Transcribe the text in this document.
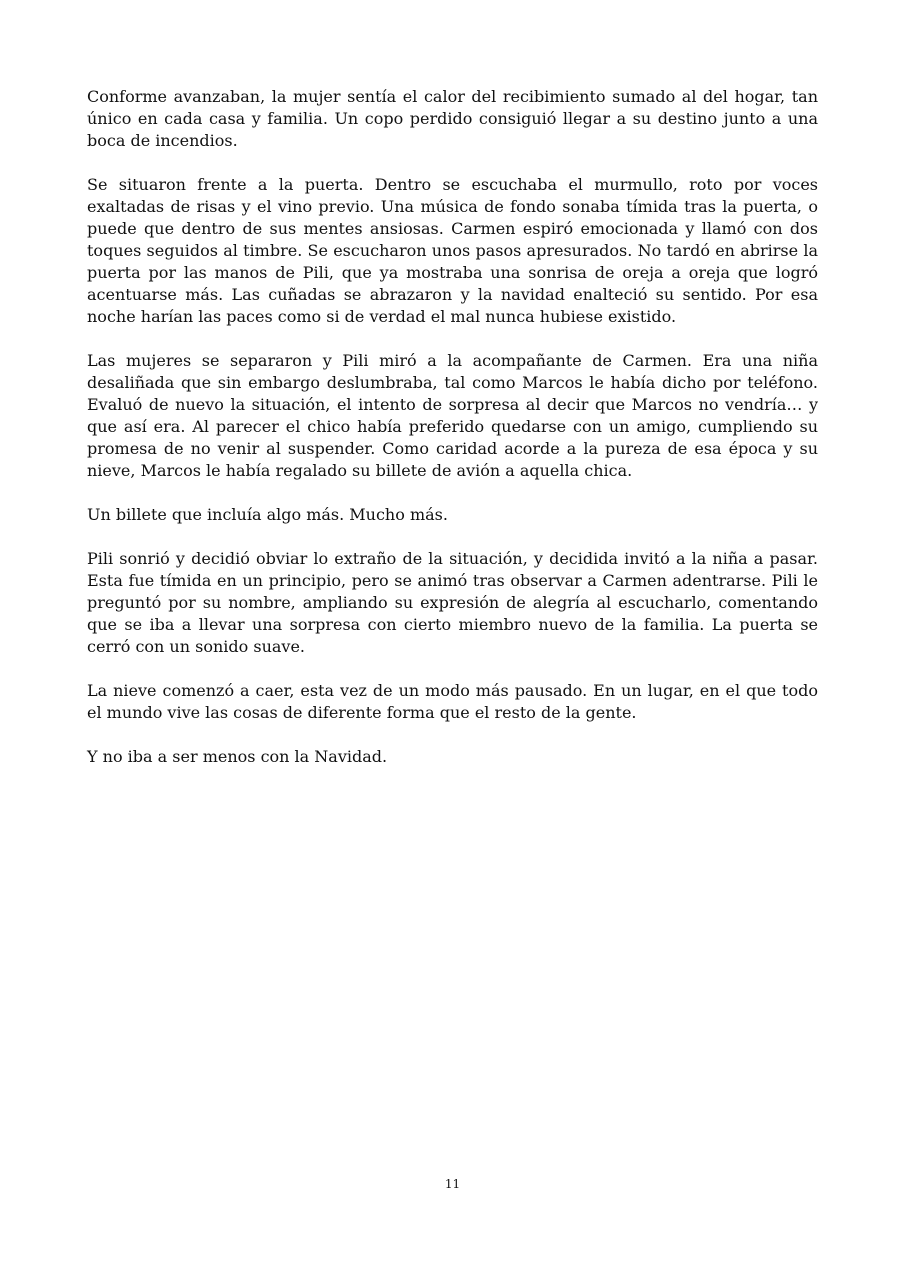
Conforme avanzaban, la mujer sentía el calor del recibimiento sumado al del hogar, tan único en cada casa y familia. Un copo perdido consiguió llegar a su destino junto a una boca de incendios.

Se situaron frente a la puerta. Dentro se escuchaba el murmullo, roto por voces exaltadas de risas y el vino previo. Una música de fondo sonaba tímida tras la puerta, o puede que dentro de sus mentes ansiosas. Carmen espiró emocionada y llamó con dos toques seguidos al timbre. Se escucharon unos pasos apresurados. No tardó en abrirse la puerta por las manos de Pili, que ya mostraba una sonrisa de oreja a oreja que logró acentuarse más. Las cuñadas se abrazaron y la navidad enalteció su sentido. Por esa noche harían las paces como si de verdad el mal nunca hubiese existido.

Las mujeres se separaron y Pili miró a la acompañante de Carmen. Era una niña desaliñada que sin embargo deslumbraba, tal como Marcos le había dicho por teléfono. Evaluó de nuevo la situación, el intento de sorpresa al decir que Marcos no vendría… y que así era. Al parecer el chico había preferido quedarse con un amigo, cumpliendo su promesa de no venir al suspender. Como caridad acorde a la pureza de esa época y su nieve, Marcos le había regalado su billete de avión a aquella chica.

Un billete que incluía algo más. Mucho más.

Pili sonrió y decidió obviar lo extraño de la situación, y decidida invitó a la niña a pasar. Esta fue tímida en un principio, pero se animó tras observar a Carmen adentrarse. Pili le preguntó por su nombre, ampliando su expresión de alegría al escucharlo, comentando que se iba a llevar una sorpresa con cierto miembro nuevo de la familia. La puerta se cerró con un sonido suave.

La nieve comenzó a caer, esta vez de un modo más pausado. En un lugar, en el que todo el mundo vive las cosas de diferente forma que el resto de la gente.

Y no iba a ser menos con la Navidad.

11
